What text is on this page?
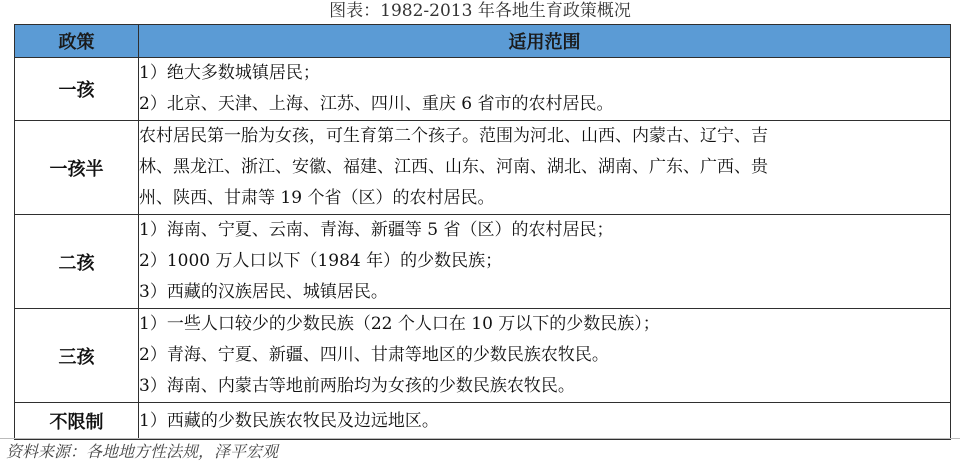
图表：1982-2013 年各地生育政策概况
政策	适用范围
一孩	1）绝大多数城镇居民；
2）北京、天津、上海、江苏、四川、重庆 6 省市的农村居民。

一孩半	农村居民第一胎为女孩，可生育第二个孩子。范围为河北、山西、内蒙古、辽宁、吉
林、黑龙江、浙江、安徽、福建、江西、山东、河南、湖北、湖南、广东、广西、贵
州、陕西、甘肃等 19 个省（区）的农村居民。

二孩	1）海南、宁夏、云南、青海、新疆等 5 省（区）的农村居民；
2）1000 万人口以下（1984 年）的少数民族；
3）西藏的汉族居民、城镇居民。

三孩	1）一些人口较少的少数民族（22 个人口在 10 万以下的少数民族）；
2）青海、宁夏、新疆、四川、甘肃等地区的少数民族农牧民。
3）海南、内蒙古等地前两胎均为女孩的少数民族农牧民。

不限制	1）西藏的少数民族农牧民及边远地区。
资料来源：各地地方性法规，泽平宏观
